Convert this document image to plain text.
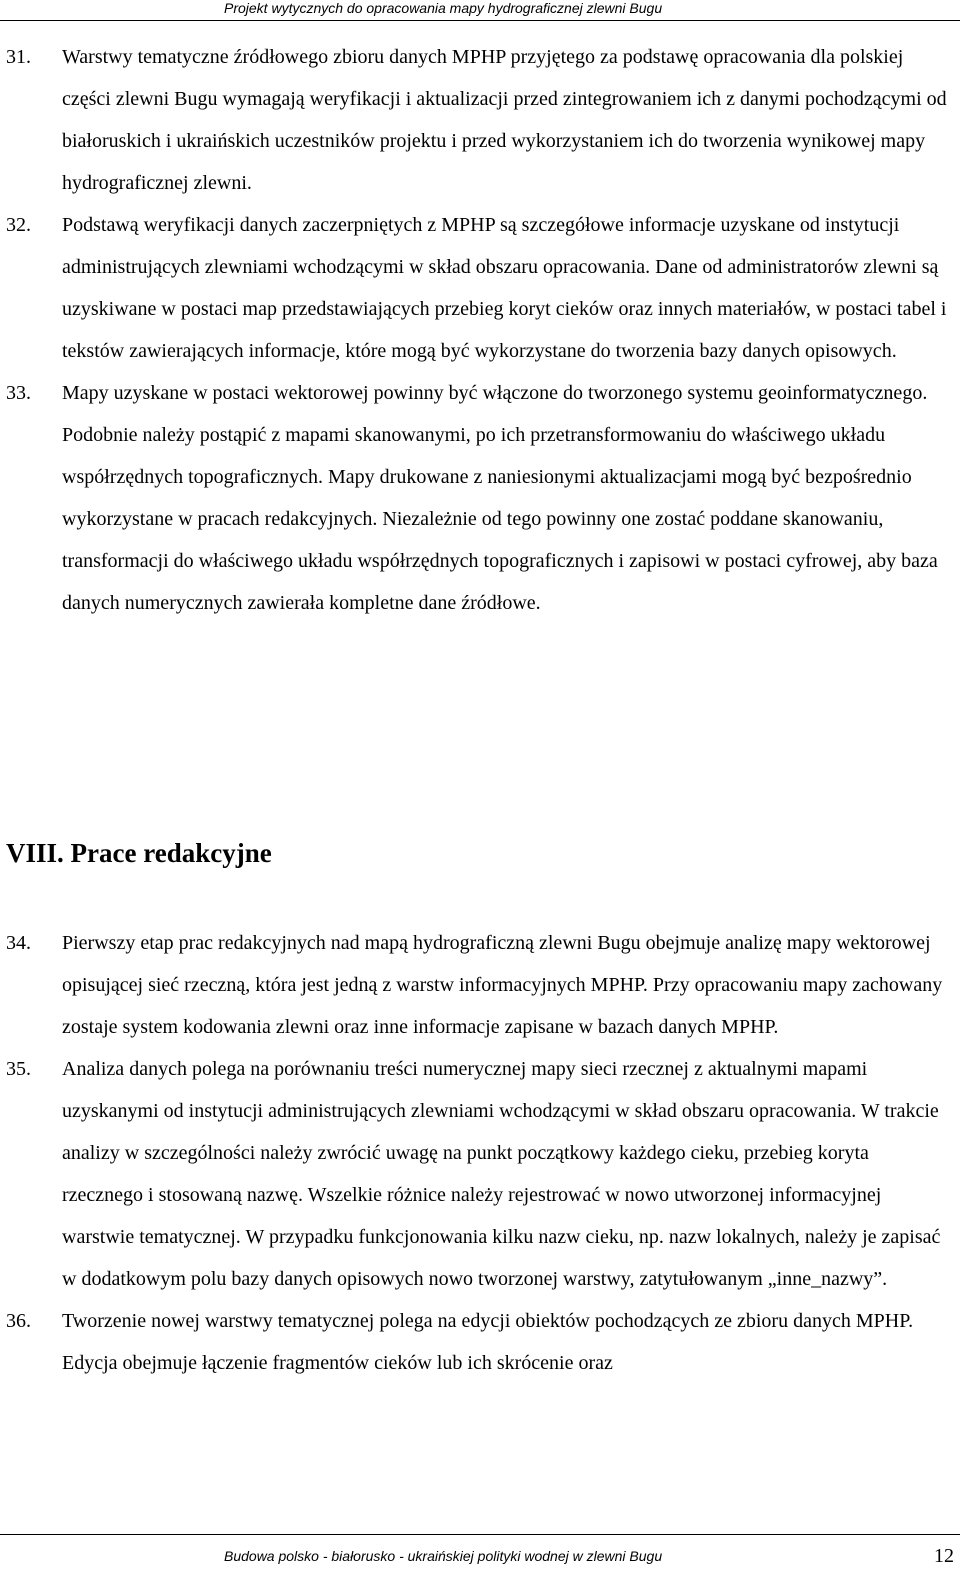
Projekt wytycznych do opracowania mapy hydrograficznej zlewni Bugu
31. Warstwy tematyczne źródłowego zbioru danych MPHP przyjętego za podstawę opracowania dla polskiej części zlewni Bugu wymagają weryfikacji i aktualizacji przed zintegrowaniem ich z danymi pochodzącymi od białoruskich i ukraińskich uczestników projektu i przed wykorzystaniem ich do tworzenia wynikowej mapy hydrograficznej zlewni.
32. Podstawą weryfikacji danych zaczerpniętych z MPHP są szczegółowe informacje uzyskane od instytucji administrujących zlewniami wchodzącymi w skład obszaru opracowania. Dane od administratorów zlewni są uzyskiwane w postaci map przedstawiających przebieg koryt cieków oraz innych materiałów, w postaci tabel i tekstów zawierających informacje, które mogą być wykorzystane do tworzenia bazy danych opisowych.
33. Mapy uzyskane w postaci wektorowej powinny być włączone do tworzonego systemu geoinformatycznego. Podobnie należy postąpić z mapami skanowanymi, po ich przetransformowaniu do właściwego układu współrzędnych topograficznych. Mapy drukowane z naniesionymi aktualizacjami mogą być bezpośrednio wykorzystane w pracach redakcyjnych. Niezależnie od tego powinny one zostać poddane skanowaniu, transformacji do właściwego układu współrzędnych topograficznych i zapisowi w postaci cyfrowej, aby baza danych numerycznych zawierała kompletne dane źródłowe.
VIII. Prace redakcyjne
34. Pierwszy etap prac redakcyjnych nad mapą hydrograficzną zlewni Bugu obejmuje analizę mapy wektorowej opisującej sieć rzeczną, która jest jedną z warstw informacyjnych MPHP. Przy opracowaniu mapy zachowany zostaje system kodowania zlewni oraz inne informacje zapisane w bazach danych MPHP.
35. Analiza danych polega na porównaniu treści numerycznej mapy sieci rzecznej z aktualnymi mapami uzyskanymi od instytucji administrujących zlewniami wchodzącymi w skład obszaru opracowania. W trakcie analizy w szczególności należy zwrócić uwagę na punkt początkowy każdego cieku, przebieg koryta rzecznego i stosowaną nazwę. Wszelkie różnice należy rejestrować w nowo utworzonej informacyjnej warstwie tematycznej. W przypadku funkcjonowania kilku nazw cieku, np. nazw lokalnych, należy je zapisać w dodatkowym polu bazy danych opisowych nowo tworzonej warstwy, zatytułowanym „inne_nazwy”.
36. Tworzenie nowej warstwy tematycznej polega na edycji obiektów pochodzących ze zbioru danych MPHP. Edycja obejmuje łączenie fragmentów cieków lub ich skrócenie oraz
Budowa polsko - białorusko - ukraińskiej polityki wodnej w zlewni Bugu	12
